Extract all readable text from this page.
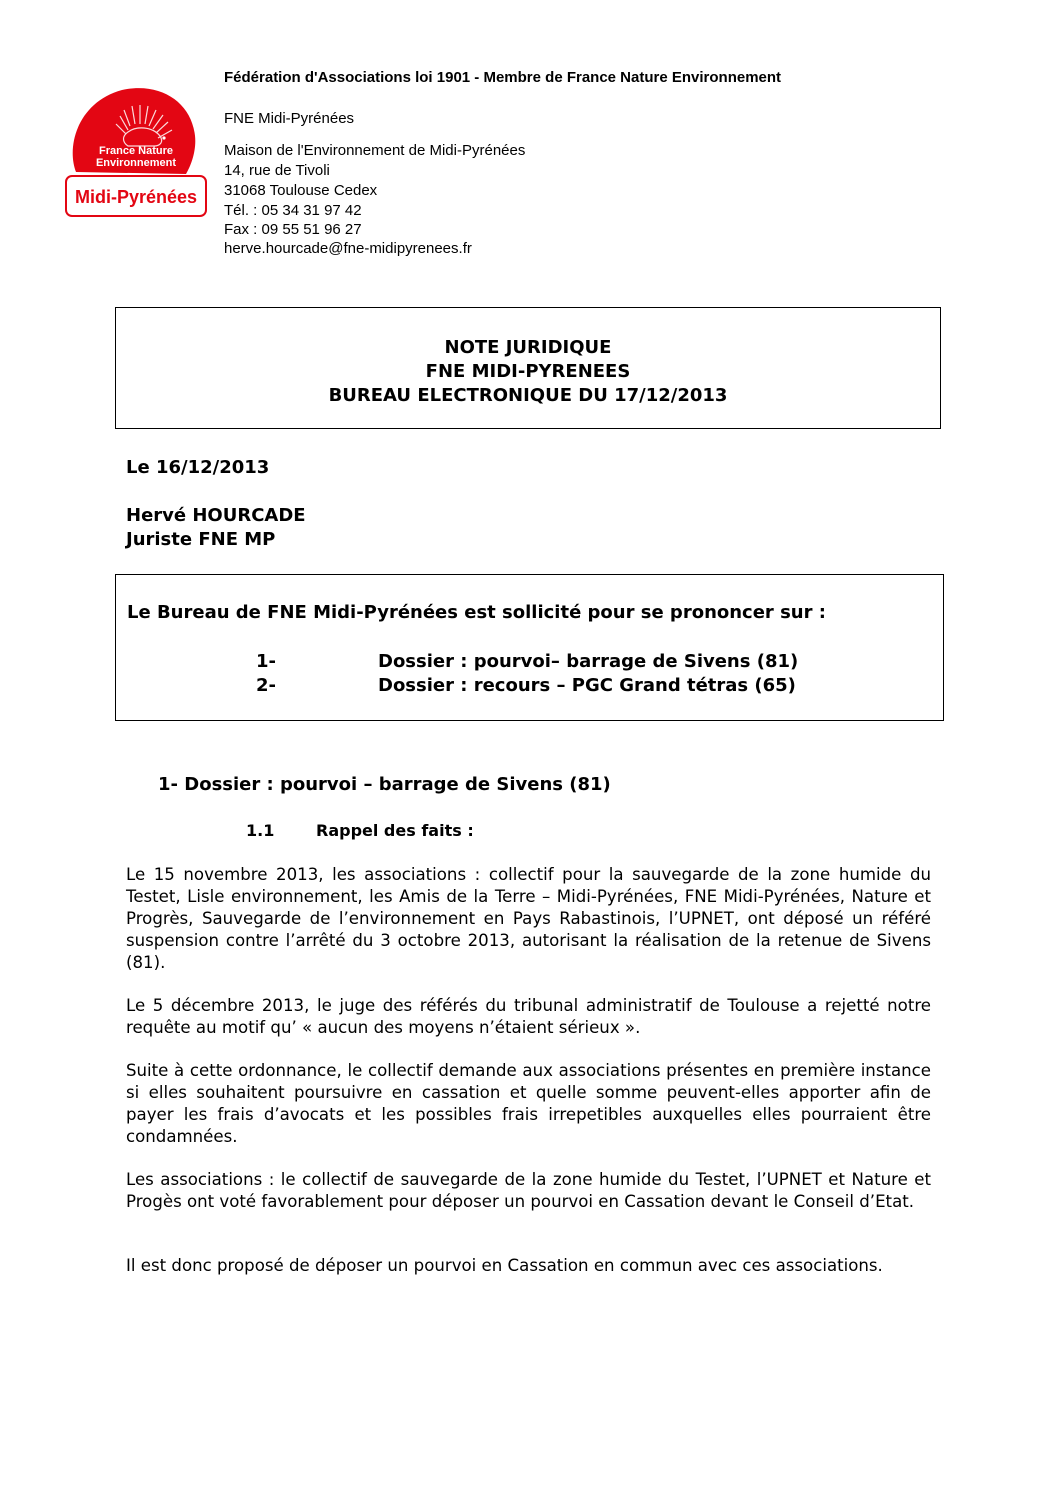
France Nature
Environnement
Midi-Pyrénées
Fédération d'Associations loi 1901 - Membre de France Nature Environnement
FNE Midi-Pyrénées
Maison de l'Environnement de Midi-Pyrénées
14, rue de Tivoli
31068 Toulouse Cedex
Tél. : 05 34 31 97 42
Fax : 09 55 51 96 27
herve.hourcade@fne-midipyrenees.fr
NOTE JURIDIQUE
FNE MIDI-PYRENEES
BUREAU ELECTRONIQUE DU 17/12/2013
Le 16/12/2013
Hervé HOURCADE
Juriste FNE MP
Le Bureau de FNE Midi-Pyrénées est sollicité pour se prononcer sur :
1-	Dossier : pourvoi– barrage de Sivens (81)
2-	Dossier : recours – PGC Grand tétras (65)
1- Dossier : pourvoi – barrage de Sivens (81)
1.1	Rappel des faits :
Le 15 novembre 2013, les associations : collectif pour la sauvegarde de la zone humide du Testet, Lisle environnement, les Amis de la Terre – Midi-Pyrénées, FNE Midi-Pyrénées, Nature et Progrès, Sauvegarde de l’environnement en Pays Rabastinois, l’UPNET, ont déposé un référé suspension contre l’arrêté du 3 octobre 2013, autorisant la réalisation de la retenue de Sivens (81).
Le 5 décembre 2013, le juge des référés du tribunal administratif de Toulouse a rejetté notre requête au motif qu’ « aucun des moyens n’étaient sérieux ».
Suite à cette ordonnance, le collectif demande aux associations présentes en première instance si elles souhaitent poursuivre en cassation et quelle somme peuvent-elles apporter afin de payer les frais d’avocats et les possibles frais irrepetibles auxquelles elles pourraient être condamnées.
Les associations : le collectif de sauvegarde de la zone humide du Testet, l’UPNET et Nature et Progès ont voté favorablement pour déposer un pourvoi en Cassation devant le Conseil d’Etat.
Il est donc proposé de déposer un pourvoi en Cassation en commun avec ces associations.
